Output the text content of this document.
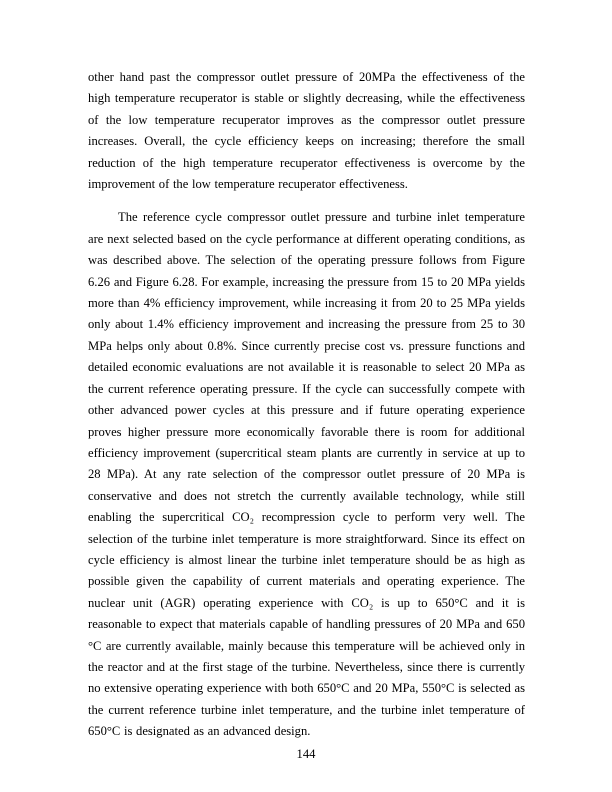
other hand past the compressor outlet pressure of 20MPa the effectiveness of the high temperature recuperator is stable or slightly decreasing, while the effectiveness of the low temperature recuperator improves as the compressor outlet pressure increases. Overall, the cycle efficiency keeps on increasing; therefore the small reduction of the high temperature recuperator effectiveness is overcome by the improvement of the low temperature recuperator effectiveness.

The reference cycle compressor outlet pressure and turbine inlet temperature are next selected based on the cycle performance at different operating conditions, as was described above. The selection of the operating pressure follows from Figure 6.26 and Figure 6.28. For example, increasing the pressure from 15 to 20 MPa yields more than 4% efficiency improvement, while increasing it from 20 to 25 MPa yields only about 1.4% efficiency improvement and increasing the pressure from 25 to 30 MPa helps only about 0.8%. Since currently precise cost vs. pressure functions and detailed economic evaluations are not available it is reasonable to select 20 MPa as the current reference operating pressure. If the cycle can successfully compete with other advanced power cycles at this pressure and if future operating experience proves higher pressure more economically favorable there is room for additional efficiency improvement (supercritical steam plants are currently in service at up to 28 MPa). At any rate selection of the compressor outlet pressure of 20 MPa is conservative and does not stretch the currently available technology, while still enabling the supercritical CO₂ recompression cycle to perform very well. The selection of the turbine inlet temperature is more straightforward. Since its effect on cycle efficiency is almost linear the turbine inlet temperature should be as high as possible given the capability of current materials and operating experience. The nuclear unit (AGR) operating experience with CO₂ is up to 650°C and it is reasonable to expect that materials capable of handling pressures of 20 MPa and 650 °C are currently available, mainly because this temperature will be achieved only in the reactor and at the first stage of the turbine. Nevertheless, since there is currently no extensive operating experience with both 650°C and 20 MPa, 550°C is selected as the current reference turbine inlet temperature, and the turbine inlet temperature of 650°C is designated as an advanced design.

144
